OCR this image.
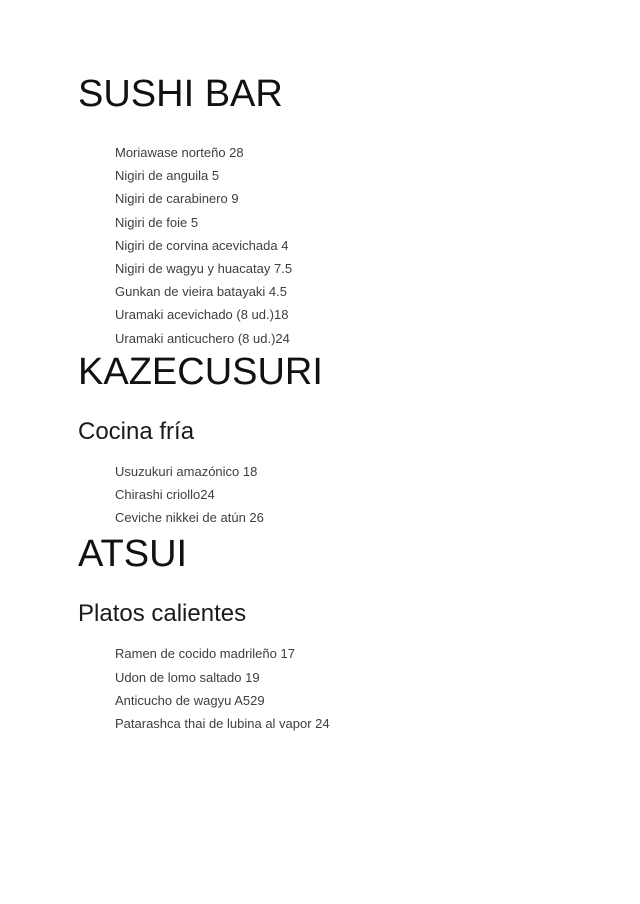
SUSHI BAR
Moriawase norteño 28
Nigiri de anguila 5
Nigiri de carabinero 9
Nigiri de foie 5
Nigiri de corvina acevichada 4
Nigiri de wagyu y huacatay 7.5
Gunkan de vieira batayaki 4.5
Uramaki acevichado (8 ud.)18
Uramaki anticuchero (8 ud.)24
KAZECUSURI
Cocina fría
Usuzukuri amazónico 18
Chirashi criollo24
Ceviche nikkei de atún 26
ATSUI
Platos calientes
Ramen de cocido madrileño 17
Udon de lomo saltado 19
Anticucho de wagyu A529
Patarashca thai de lubina al vapor 24
